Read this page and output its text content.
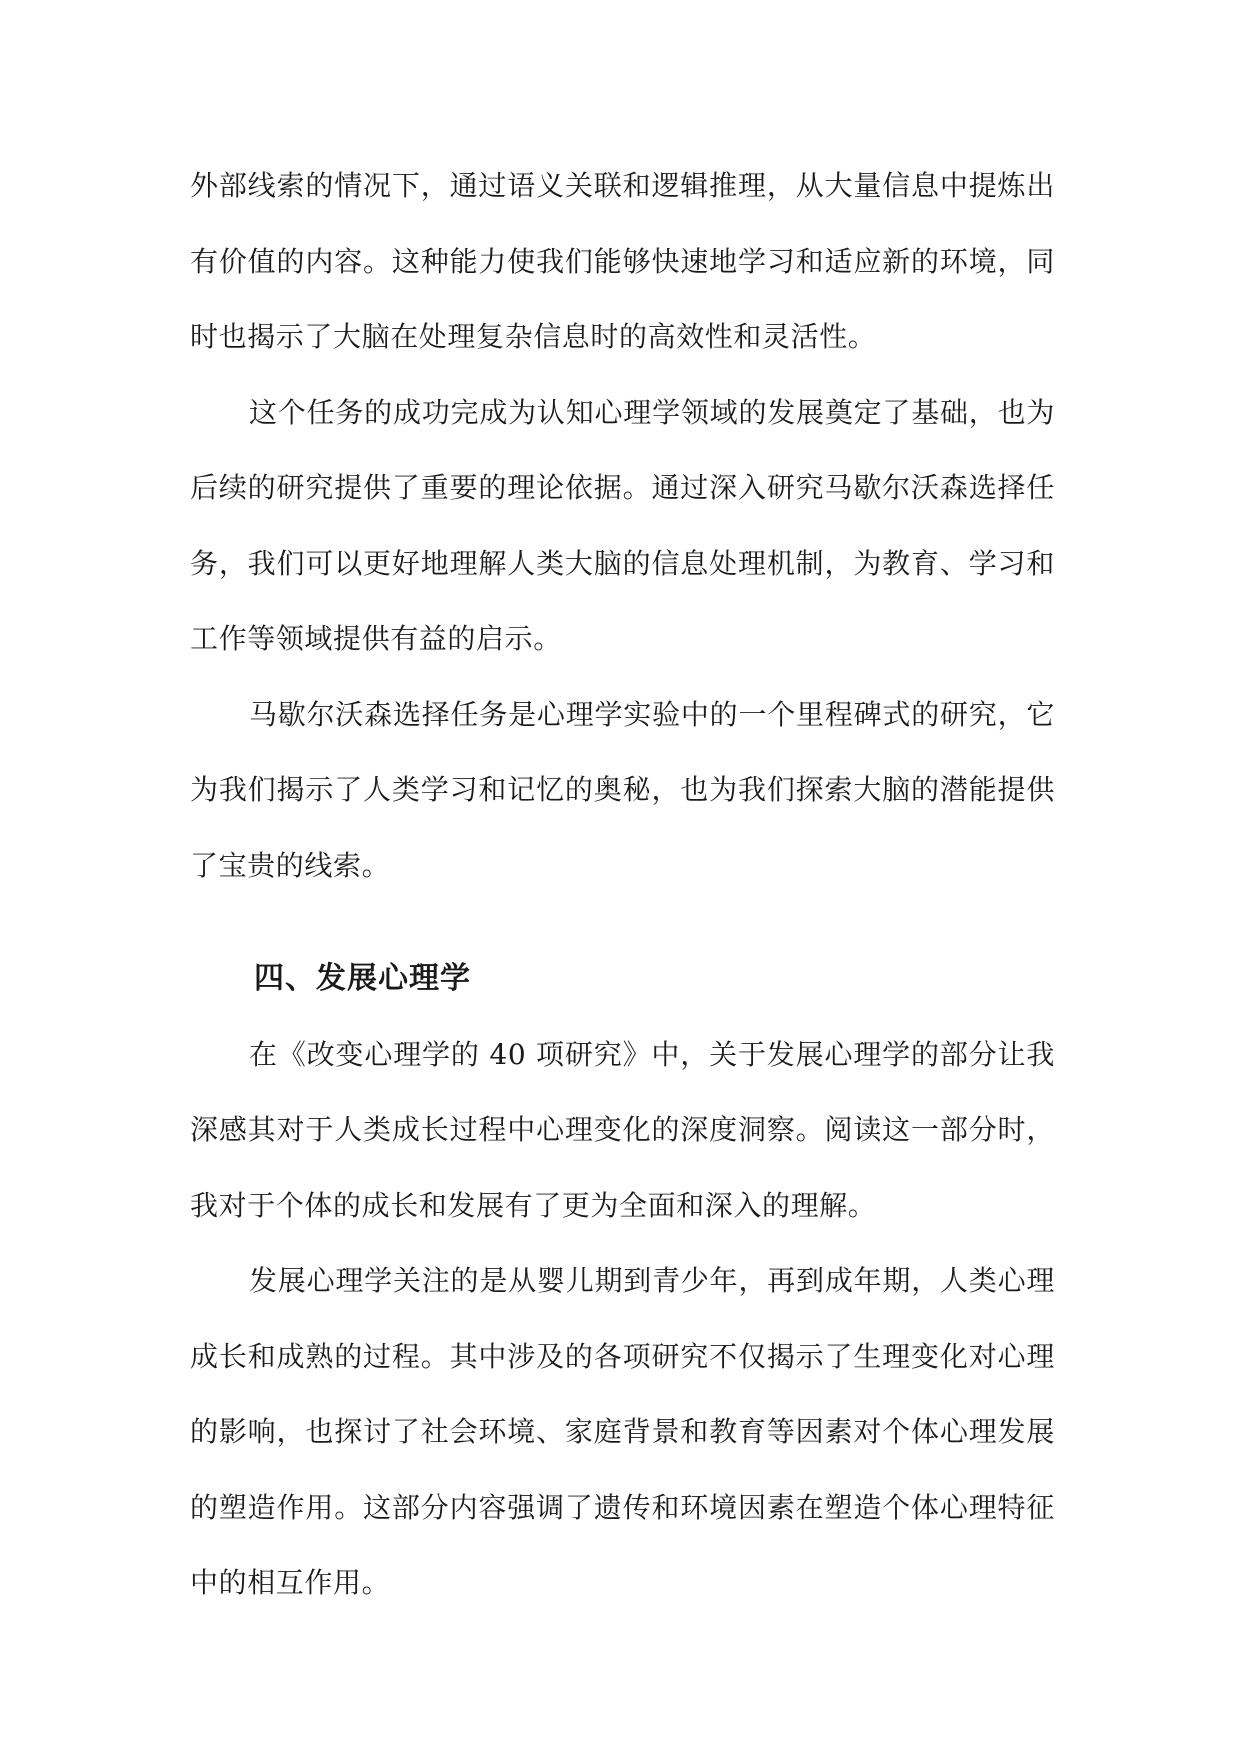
外部线索的情况下，通过语义关联和逻辑推理，从大量信息中提炼出有价值的内容。这种能力使我们能够快速地学习和适应新的环境，同时也揭示了大脑在处理复杂信息时的高效性和灵活性。

这个任务的成功完成为认知心理学领域的发展奠定了基础，也为后续的研究提供了重要的理论依据。通过深入研究马歇尔沃森选择任务，我们可以更好地理解人类大脑的信息处理机制，为教育、学习和工作等领域提供有益的启示。

马歇尔沃森选择任务是心理学实验中的一个里程碑式的研究，它为我们揭示了人类学习和记忆的奥秘，也为我们探索大脑的潜能提供了宝贵的线索。

四、发展心理学

在《改变心理学的 40 项研究》中，关于发展心理学的部分让我深感其对于人类成长过程中心理变化的深度洞察。阅读这一部分时，我对于个体的成长和发展有了更为全面和深入的理解。

发展心理学关注的是从婴儿期到青少年，再到成年期，人类心理成长和成熟的过程。其中涉及的各项研究不仅揭示了生理变化对心理的影响，也探讨了社会环境、家庭背景和教育等因素对个体心理发展的塑造作用。这部分内容强调了遗传和环境因素在塑造个体心理特征中的相互作用。
